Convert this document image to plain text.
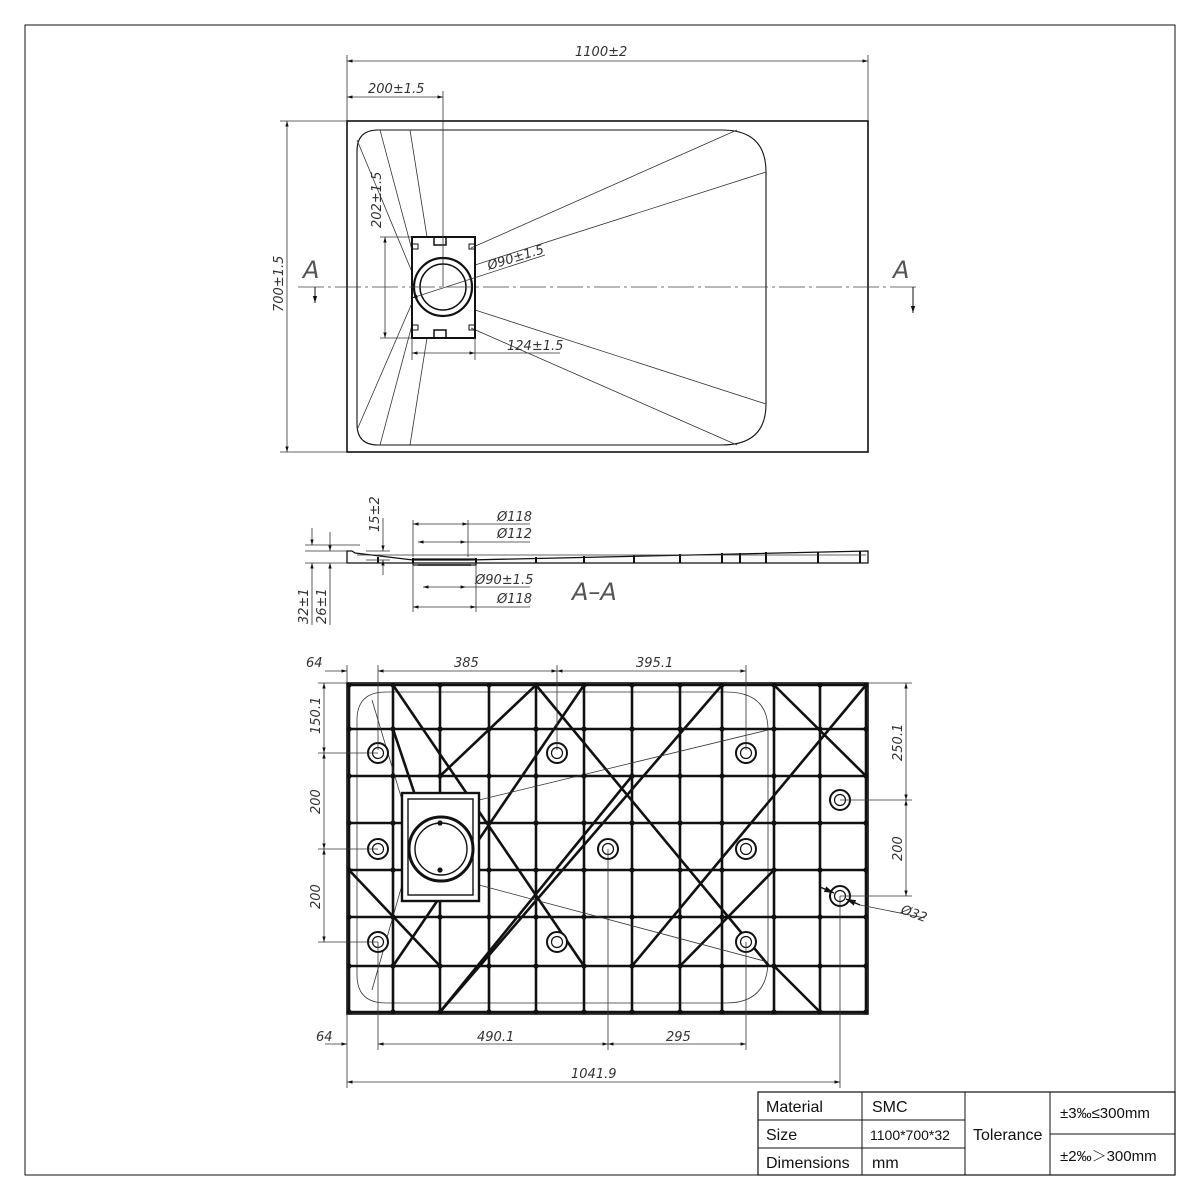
A	A
1100±2
200±1.5
700±1.5
202±1.5
Ø90±1.5
124±1.5
15±2	Ø118
Ø112
Ø90±1.5
Ø118 A–A
32±1 26±1
64	385	395.1
150.1
200
200
250.1
200
Ø32
64	490.1	295
1041.9
Material	SMC
Size	1100*700*32
Dimensions mm
Tolerance
±3‰≤300mm
±2‰＞300mm
